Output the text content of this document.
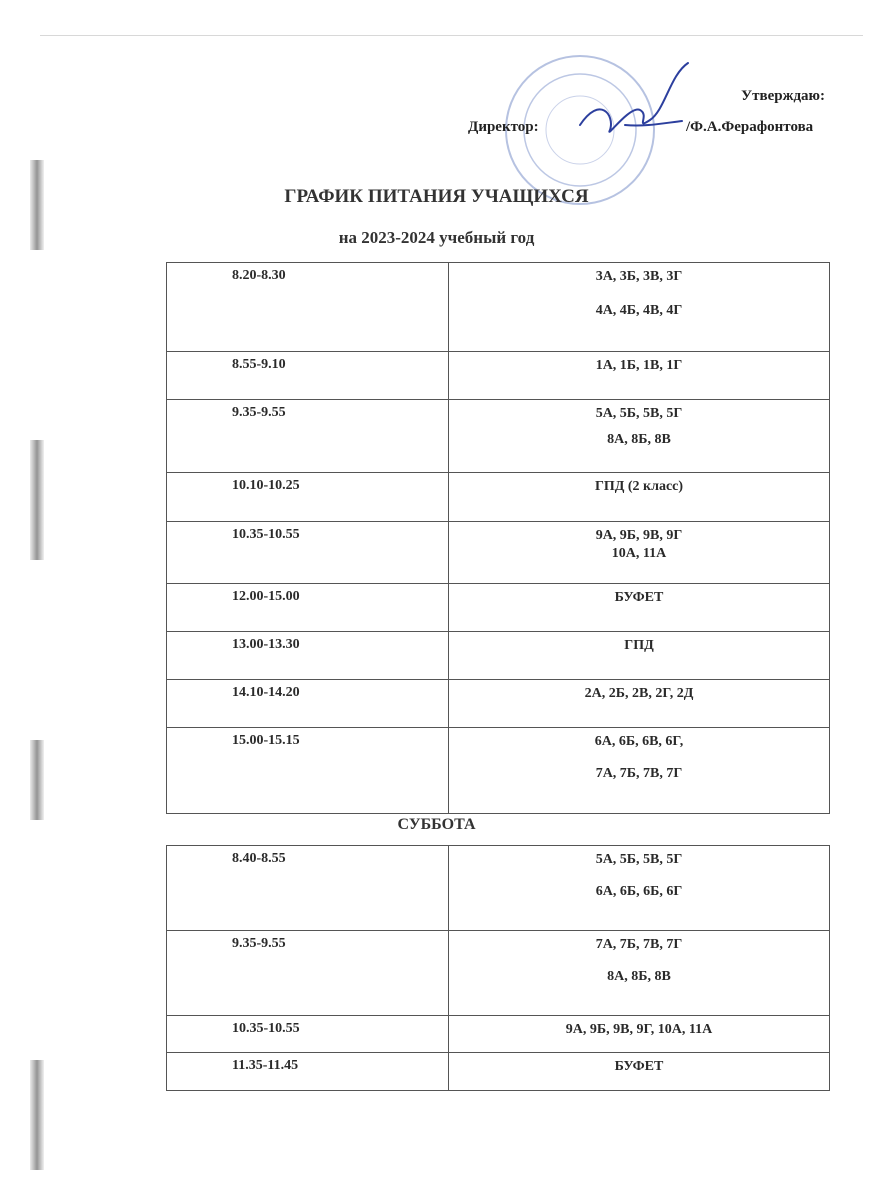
Утверждаю:
Директор:	/Ф.А.Ферафонтова
ГРАФИК ПИТАНИЯ УЧАЩИХСЯ
на 2023-2024 учебный год
8.20-8.30	3А, 3Б, 3В, 3Г
4А, 4Б, 4В, 4Г

8.55-9.10	1А, 1Б, 1В, 1Г

9.35-9.55	5А, 5Б, 5В, 5Г
8А, 8Б, 8В

10.10-10.25	ГПД (2 класс)

10.35-10.55	9А, 9Б, 9В, 9Г
10А, 11А

12.00-15.00	БУФЕТ

13.00-13.30	ГПД

14.10-14.20	2А, 2Б, 2В, 2Г, 2Д

15.00-15.15	6А, 6Б, 6В, 6Г,
7А, 7Б, 7В, 7Г
СУББОТА
8.40-8.55	5А, 5Б, 5В, 5Г
6А, 6Б, 6Б, 6Г

9.35-9.55	7А, 7Б, 7В, 7Г
8А, 8Б, 8В

10.35-10.55	9А, 9Б, 9В, 9Г, 10А, 11А

11.35-11.45	БУФЕТ
